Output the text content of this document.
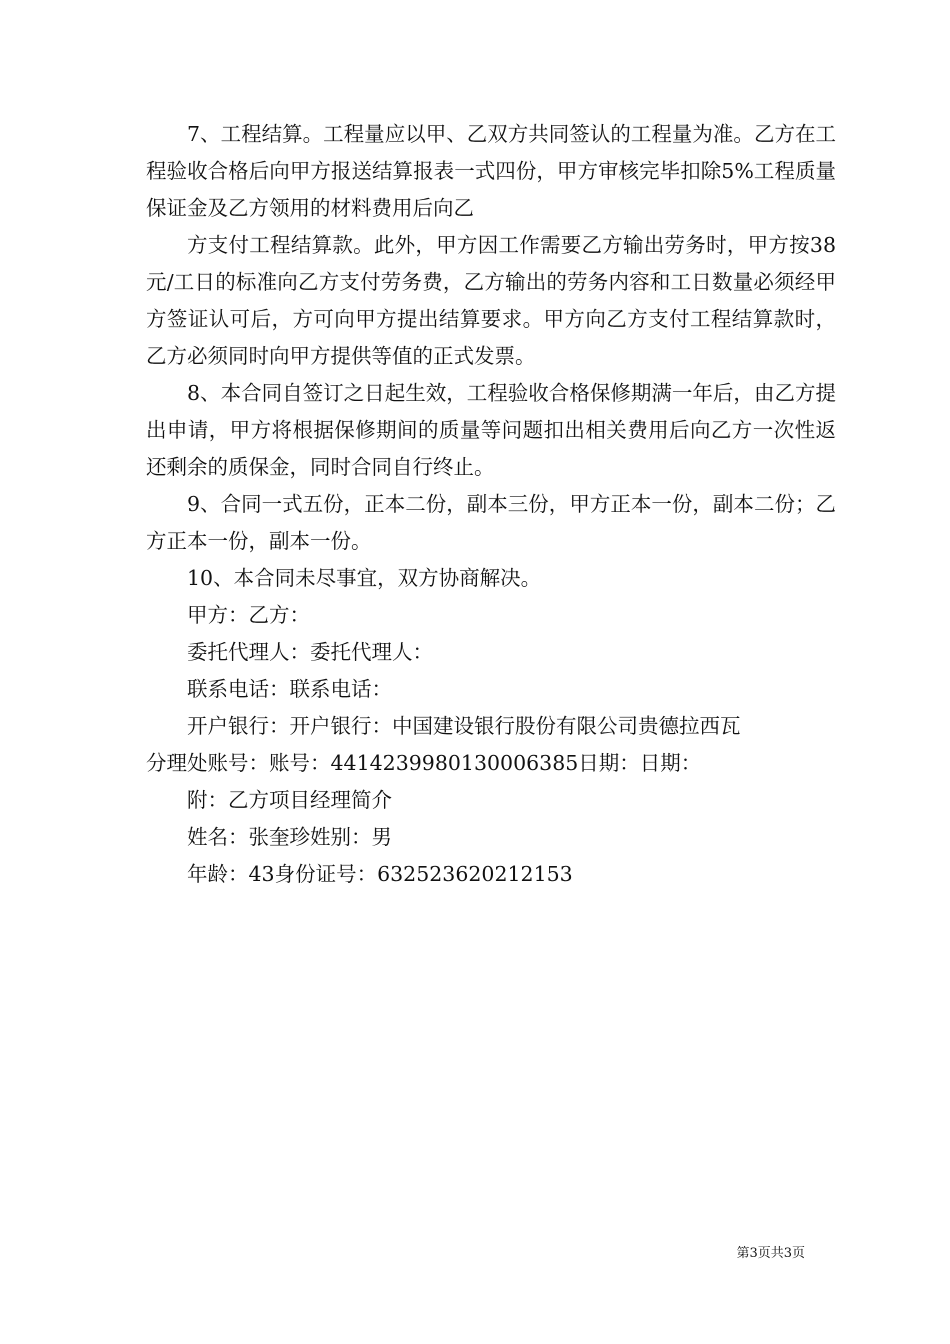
7、工程结算。工程量应以甲、乙双方共同签认的工程量为准。乙方在工程验收合格后向甲方报送结算报表一式四份，甲方审核完毕扣除5%工程质量保证金及乙方领用的材料费用后向乙

方支付工程结算款。此外，甲方因工作需要乙方输出劳务时，甲方按38元/工日的标准向乙方支付劳务费，乙方输出的劳务内容和工日数量必须经甲方签证认可后，方可向甲方提出结算要求。甲方向乙方支付工程结算款时，乙方必须同时向甲方提供等值的正式发票。

8、本合同自签订之日起生效，工程验收合格保修期满一年后，由乙方提出申请，甲方将根据保修期间的质量等问题扣出相关费用后向乙方一次性返还剩余的质保金，同时合同自行终止。

9、合同一式五份，正本二份，副本三份，甲方正本一份，副本二份；乙方正本一份，副本一份。

10、本合同未尽事宜，双方协商解决。

甲方：乙方：

委托代理人：委托代理人：

联系电话：联系电话：

开户银行：开户银行：中国建设银行股份有限公司贵德拉西瓦

分理处账号：账号：4414239980130006385日期：日期：

附：乙方项目经理简介

姓名：张奎珍姓别：男

年龄：43身份证号：632523620212153

第3页共3页
